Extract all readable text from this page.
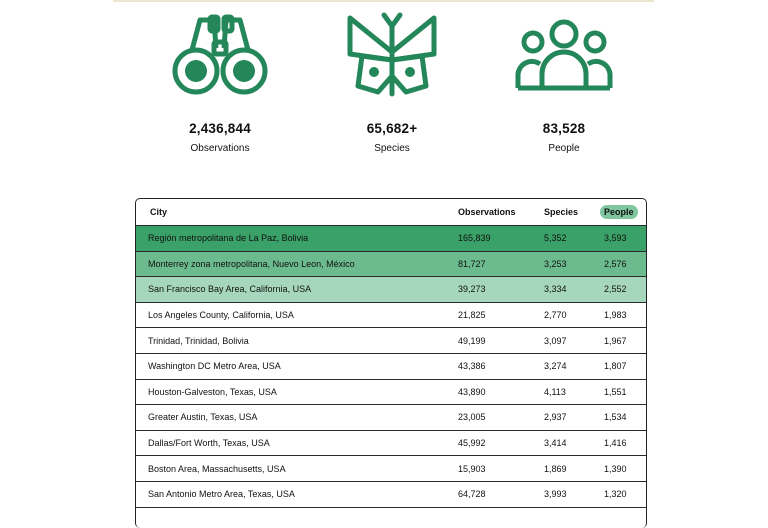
2,436,844
Observations
65,682+
Species
83,528
People
City	Observations	Species	People
Región metropolitana de La Paz, Bolivia	165,839	5,352	3,593
Monterrey zona metropolitana, Nuevo Leon, México	81,727	3,253	2,576
San Francisco Bay Area, California, USA	39,273	3,334	2,552
Los Angeles County, California, USA	21,825	2,770	1,983
Trinidad, Trinidad, Bolivia	49,199	3,097	1,967
Washington DC Metro Area, USA	43,386	3,274	1,807
Houston-Galveston, Texas, USA	43,890	4,113	1,551
Greater Austin, Texas, USA	23,005	2,937	1,534
Dallas/Fort Worth, Texas, USA	45,992	3,414	1,416
Boston Area, Massachusetts, USA	15,903	1,869	1,390
San Antonio Metro Area, Texas, USA	64,728	3,993	1,320
